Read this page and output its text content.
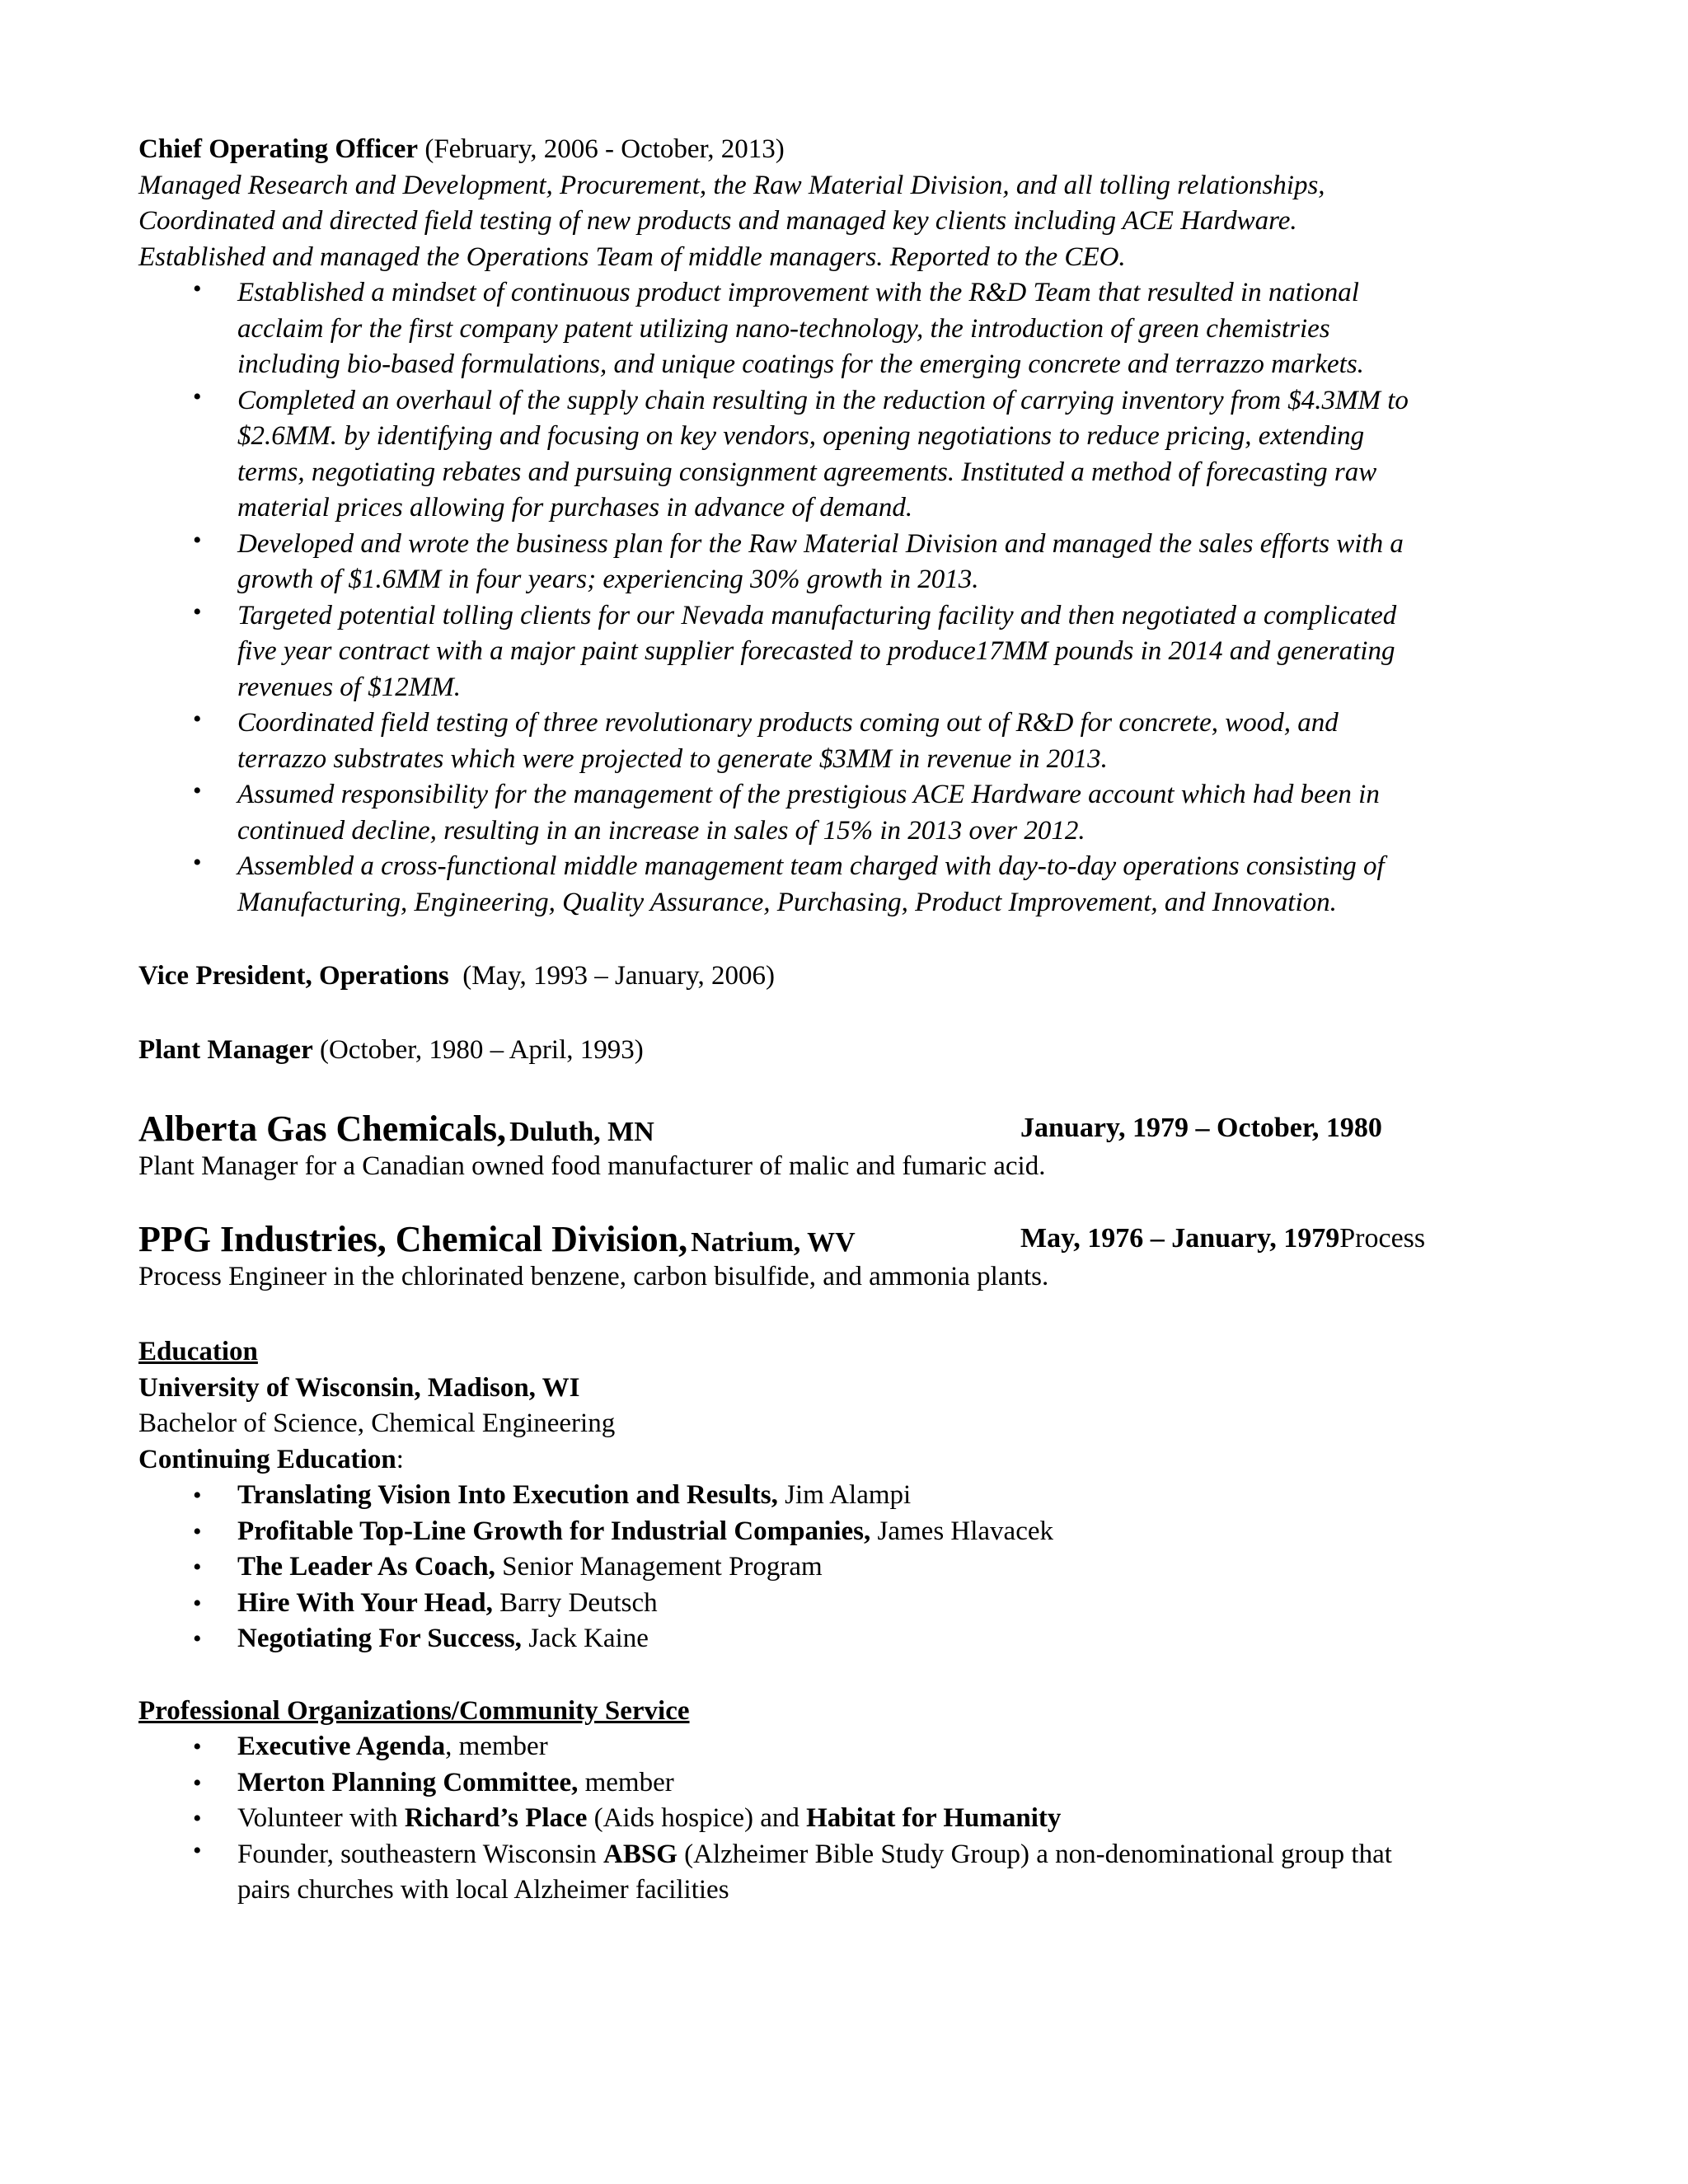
Chief Operating Officer (February, 2006 - October, 2013)
Managed Research and Development, Procurement, the Raw Material Division, and all tolling relationships,
Coordinated and directed field testing of new products and managed key clients including ACE Hardware.
Established and managed the Operations Team of middle managers. Reported to the CEO.
• Established a mindset of continuous product improvement with the R&D Team that resulted in national
acclaim for the first company patent utilizing nano-technology, the introduction of green chemistries
including bio-based formulations, and unique coatings for the emerging concrete and terrazzo markets.
• Completed an overhaul of the supply chain resulting in the reduction of carrying inventory from $4.3MM to
$2.6MM. by identifying and focusing on key vendors, opening negotiations to reduce pricing, extending
terms, negotiating rebates and pursuing consignment agreements. Instituted a method of forecasting raw
material prices allowing for purchases in advance of demand.
• Developed and wrote the business plan for the Raw Material Division and managed the sales efforts with a
growth of $1.6MM in four years; experiencing 30% growth in 2013.
• Targeted potential tolling clients for our Nevada manufacturing facility and then negotiated a complicated
five year contract with a major paint supplier forecasted to produce17MM pounds in 2014 and generating
revenues of $12MM.
• Coordinated field testing of three revolutionary products coming out of R&D for concrete, wood, and
terrazzo substrates which were projected to generate $3MM in revenue in 2013.
• Assumed responsibility for the management of the prestigious ACE Hardware account which had been in
continued decline, resulting in an increase in sales of 15% in 2013 over 2012.
• Assembled a cross-functional middle management team charged with day-to-day operations consisting of
Manufacturing, Engineering, Quality Assurance, Purchasing, Product Improvement, and Innovation.
Vice President, Operations (May, 1993 – January, 2006)
Plant Manager (October, 1980 – April, 1993)
Alberta Gas Chemicals, Duluth, MN	January, 1979 – October, 1980
Plant Manager for a Canadian owned food manufacturer of malic and fumaric acid.
PPG Industries, Chemical Division, Natrium, WV	May, 1976 – January, 1979Process
Process Engineer in the chlorinated benzene, carbon bisulfide, and ammonia plants.
Education
University of Wisconsin, Madison, WI
Bachelor of Science, Chemical Engineering
Continuing Education:
• Translating Vision Into Execution and Results, Jim Alampi
• Profitable Top-Line Growth for Industrial Companies, James Hlavacek
• The Leader As Coach, Senior Management Program
• Hire With Your Head, Barry Deutsch
• Negotiating For Success, Jack Kaine
Professional Organizations/Community Service
• Executive Agenda, member
• Merton Planning Committee, member
• Volunteer with Richard’s Place (Aids hospice) and Habitat for Humanity
• Founder, southeastern Wisconsin ABSG (Alzheimer Bible Study Group) a non-denominational group that
pairs churches with local Alzheimer facilities
